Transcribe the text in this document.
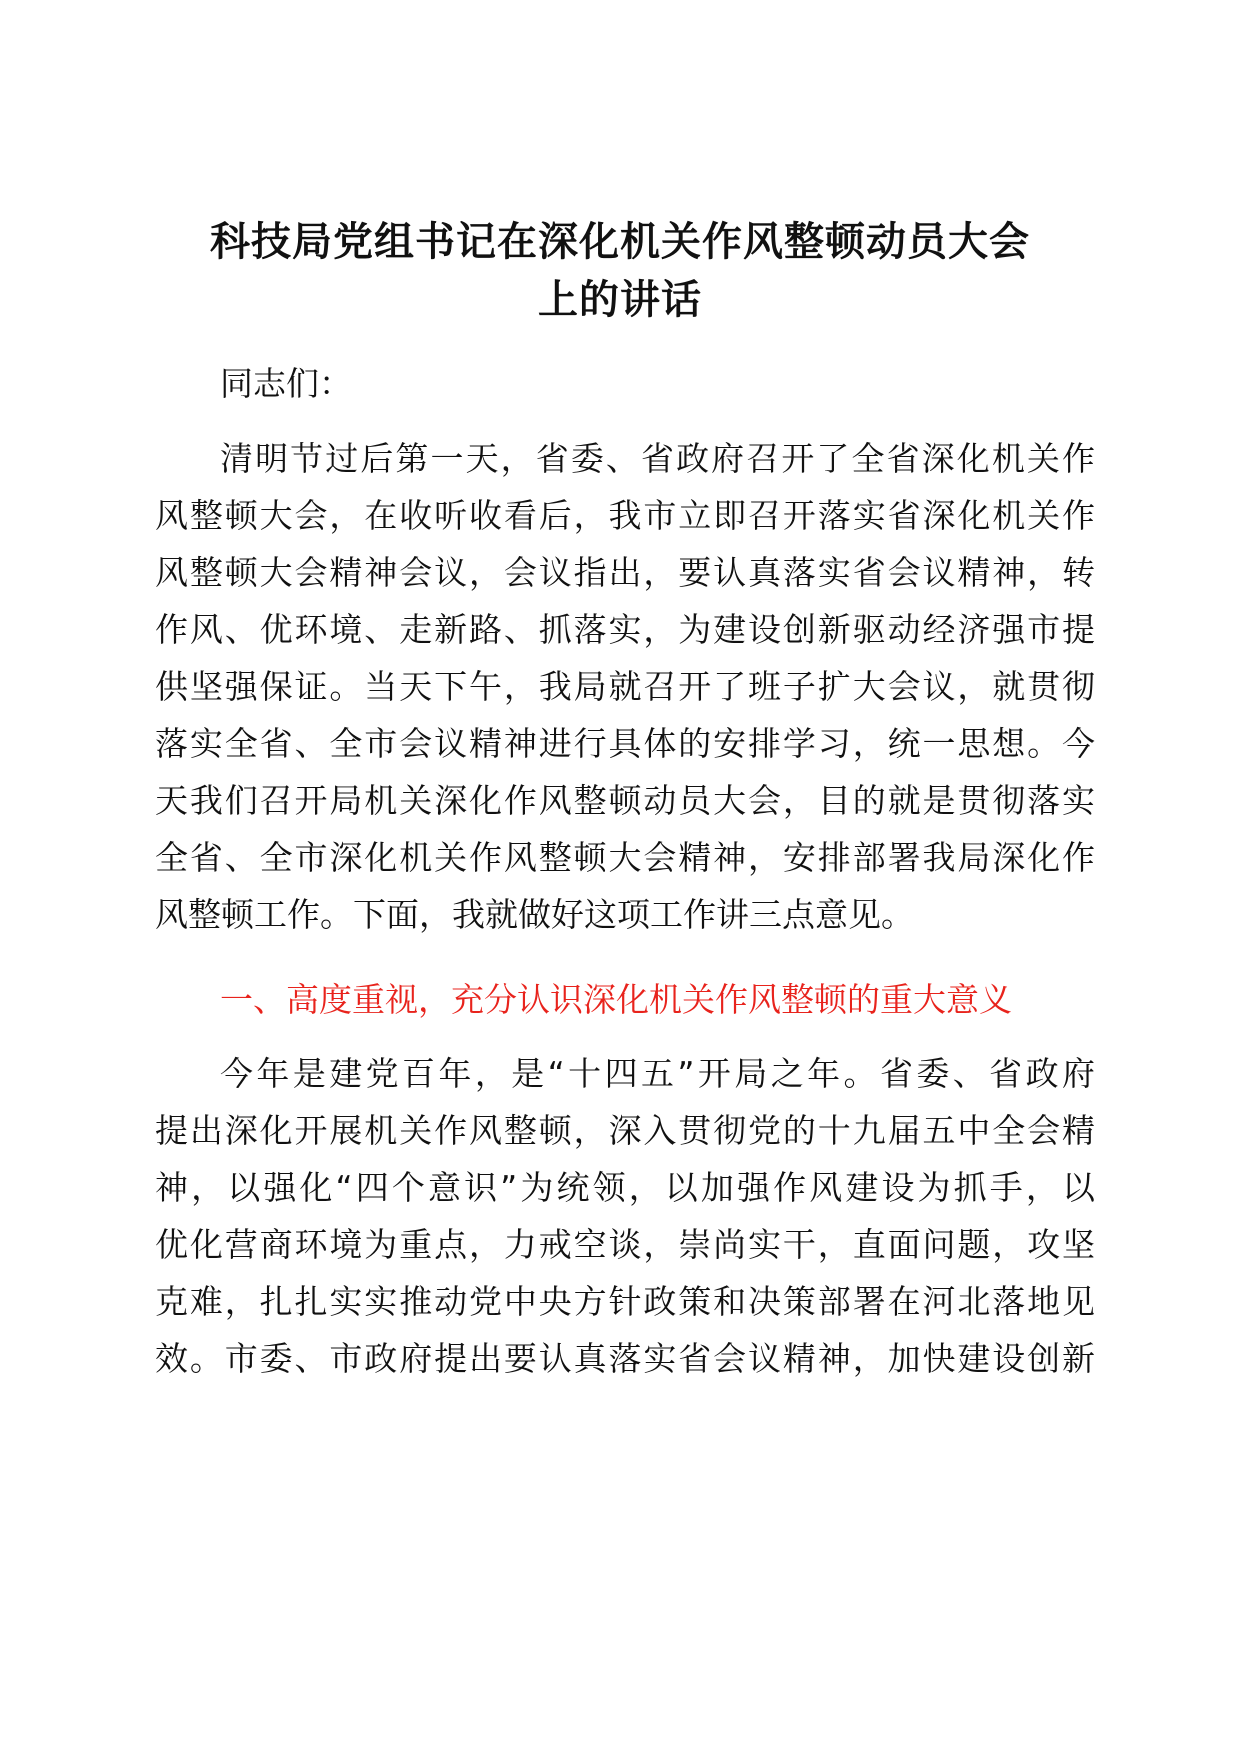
科技局党组书记在深化机关作风整顿动员大会
上的讲话
同志们：
清明节过后第一天，省委、省政府召开了全省深化机关作
风整顿大会，在收听收看后，我市立即召开落实省深化机关作
风整顿大会精神会议，会议指出，要认真落实省会议精神，转
作风、优环境、走新路、抓落实，为建设创新驱动经济强市提
供坚强保证。当天下午，我局就召开了班子扩大会议，就贯彻
落实全省、全市会议精神进行具体的安排学习，统一思想。今
天我们召开局机关深化作风整顿动员大会，目的就是贯彻落实
全省、全市深化机关作风整顿大会精神，安排部署我局深化作
风整顿工作。下面，我就做好这项工作讲三点意见。
一、高度重视，充分认识深化机关作风整顿的重大意义
今年是建党百年，是“十四五”开局之年。省委、省政府
提出深化开展机关作风整顿，深入贯彻党的十九届五中全会精
神，以强化“四个意识”为统领，以加强作风建设为抓手，以
优化营商环境为重点，力戒空谈，崇尚实干，直面问题，攻坚
克难，扎扎实实推动党中央方针政策和决策部署在河北落地见
效。市委、市政府提出要认真落实省会议精神，加快建设创新
